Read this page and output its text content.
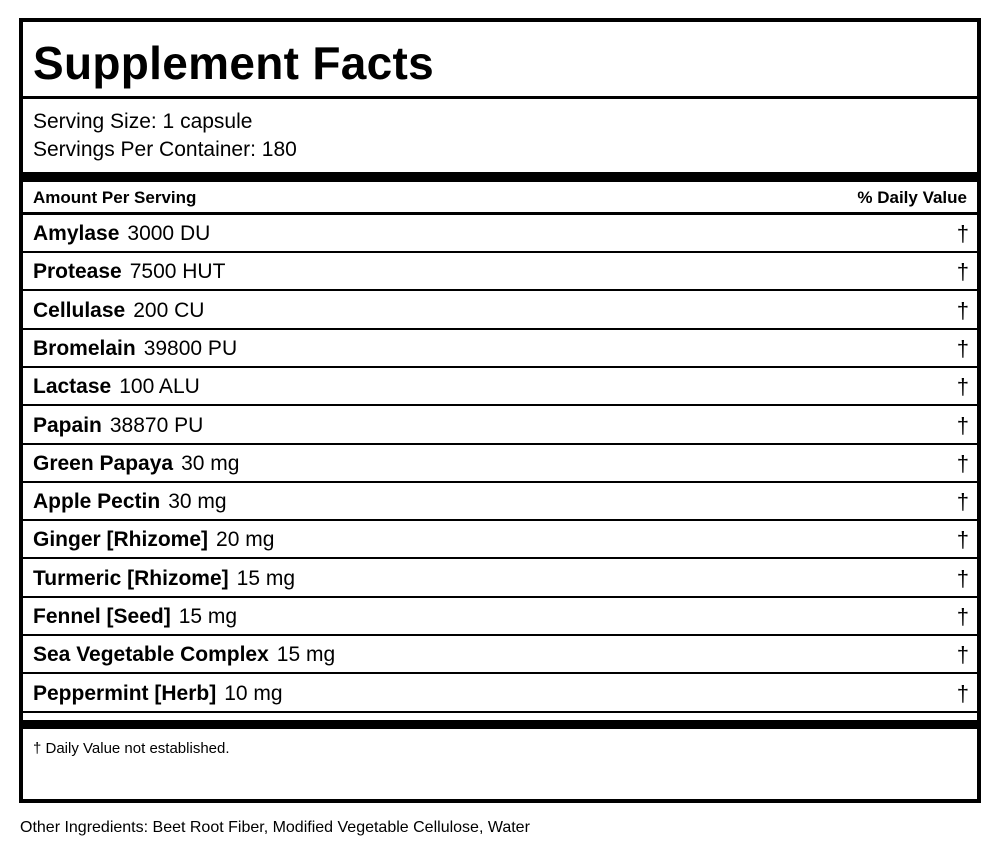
Supplement Facts
Serving Size: 1 capsule
Servings Per Container: 180
Amount Per Serving	% Daily Value
Amylase 3000 DU	†
Protease 7500 HUT	†
Cellulase 200 CU	†
Bromelain 39800 PU	†
Lactase 100 ALU	†
Papain 38870 PU	†
Green Papaya 30 mg	†
Apple Pectin 30 mg	†
Ginger [Rhizome] 20 mg	†
Turmeric [Rhizome] 15 mg	†
Fennel [Seed] 15 mg	†
Sea Vegetable Complex 15 mg	†
Peppermint [Herb] 10 mg	†
† Daily Value not established.
Other Ingredients: Beet Root Fiber, Modified Vegetable Cellulose, Water
